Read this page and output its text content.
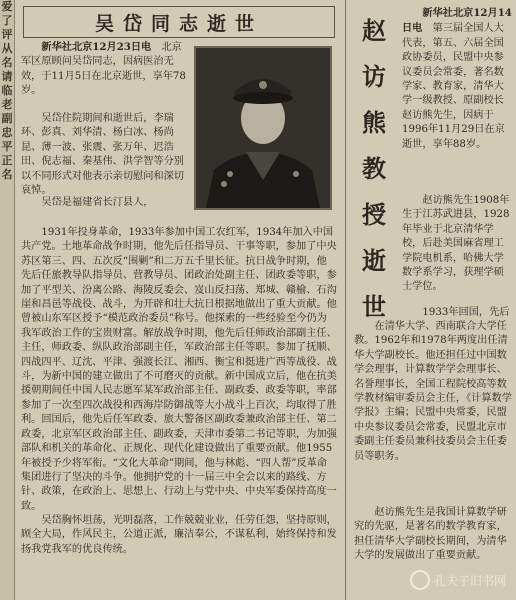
爱
了
评
从
名
请
临
老
副
忠
平
正
名
吴岱同志逝世

新华社北京12月23日电　 北京军区原顾问吴岱同志，因病医治无效，于11月5日在北京逝世，享年78岁。

吴岱住院期间和逝世后，李瑞环、彭真、刘华清、杨白冰、杨尚昆、薄一波、张震、张万年、迟浩田、倪志福、秦基伟、洪学智等分别以不同形式对他表示亲切慰问和深切哀悼。

吴岱是福建省长汀县人，

1931年投身革命，1933年参加中国工农红军，1934年加入中国共产党。土地革命战争时期，他先后任指导员、干事等职，参加了中央苏区第三、四、五次反“围剿”和二万五千里长征。抗日战争时期，他先后任旅教导队指导员、营教导员、团政治处副主任、团政委等职，参加了平型关、汾离公路、海陵反委会、岌山反扫荡、郑城、赣榆、石沟崖和昌邑等战役、战斗，为开辟和壮大抗日根据地做出了重大贡献。他曾被山东军区授予“模范政治委员”称号。他探索的一些经验至今仍为我军政治工作的宝贵财富。解放战争时期，他先后任师政治部副主任、主任，师政委、纵队政治部副主任，军政治部主任等职。参加了抚顺、四战四平、辽沈、平津、强渡长江、湘西、衡宝和挺进广西等战役、战斗，为新中国的建立做出了不可磨灭的贡献。新中国成立后，他在抗美援朝期间任中国人民志愿军某军政治部主任、副政委、政委等职，率部参加了一次至四次战役和西海岸防御战等大小战斗上百次，均取得了胜利。回国后，他先后任军政委、旅大警备区副政委兼政治部主任、第二政委，北京军区政治部主任、副政委，天津市委第二书记等职，为加强部队和机关的革命化、正规化、现代化建设做出了重要贡献。他1955年被授予少将军衔。“文化大革命”期间，他与林彪、“四人帮”反革命集团进行了坚决的斗争。他拥护党的十一届三中全会以来的路线、方针、政策，在政治上、思想上、行动上与党中央、中央军委保持高度一致。

吴岱胸怀坦荡，光明磊落，工作兢兢业业，任劳任怨，坚持原则，顾全大局，作风民主，公道正派，廉洁奉公，不谋私利，始终保持和发扬我党我军的优良传统。

赵
访
熊
教
授
逝
世

新华社北京12月14日电　 第三届全国人大代表，第五、六届全国政协委员，民盟中央参议委员会常委，著名数学家、教育家，清华大学一级教授、原副校长赵访熊先生，因病于1996年11月29日在京逝世，享年88岁。

赵访熊先生1908年生于江苏武进县，1928年毕业于北京清华学校，后赴美国麻省理工学院电机系，哈佛大学数学系学习，获理学硕士学位。

1933年回国，先后

在清华大学、西南联合大学任教。1962年和1978年两度出任清华大学副校长。他还担任过中国数学会理事，计算数学学会理事长、名誉理事长，全国工程院校高等数学教材编审委员会主任，《计算数学学报》主编；民盟中央常委，民盟中央参议委员会常委，民盟北京市委副主任委员兼科技委员会主任委员等职务。

赵访熊先生是我国计算数学研究的先驱，是著名的数学教育家，担任清华大学副校长期间，为清华大学的发展做出了重要贡献。

孔夫子旧书网
